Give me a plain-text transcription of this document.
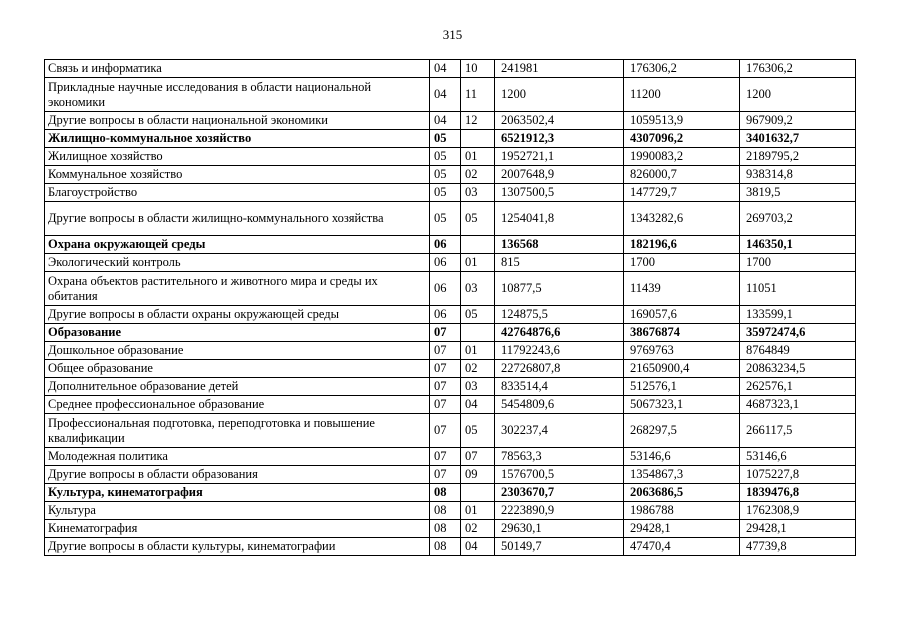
315
Связь и информатика	04	10	241981	176306,2	176306,2
Прикладные научные исследования в области национальной экономики	04	11	1200	11200	1200
Другие вопросы в области национальной экономики	04	12	2063502,4	1059513,9	967909,2
Жилищно-коммунальное хозяйство	05		6521912,3	4307096,2	3401632,7
Жилищное хозяйство	05	01	1952721,1	1990083,2	2189795,2
Коммунальное хозяйство	05	02	2007648,9	826000,7	938314,8
Благоустройство	05	03	1307500,5	147729,7	3819,5
Другие вопросы в области жилищно-коммунального хозяйства	05	05	1254041,8	1343282,6	269703,2
Охрана окружающей среды	06		136568	182196,6	146350,1
Экологический контроль	06	01	815	1700	1700
Охрана объектов растительного и животного мира и среды их обитания	06	03	10877,5	11439	11051
Другие вопросы в области охраны окружающей среды	06	05	124875,5	169057,6	133599,1
Образование	07		42764876,6	38676874	35972474,6
Дошкольное образование	07	01	11792243,6	9769763	8764849
Общее образование	07	02	22726807,8	21650900,4	20863234,5
Дополнительное образование детей	07	03	833514,4	512576,1	262576,1
Среднее профессиональное образование	07	04	5454809,6	5067323,1	4687323,1
Профессиональная подготовка, переподготовка и повышение квалификации	07	05	302237,4	268297,5	266117,5
Молодежная политика	07	07	78563,3	53146,6	53146,6
Другие вопросы в области образования	07	09	1576700,5	1354867,3	1075227,8
Культура, кинематография	08		2303670,7	2063686,5	1839476,8
Культура	08	01	2223890,9	1986788	1762308,9
Кинематография	08	02	29630,1	29428,1	29428,1
Другие вопросы в области культуры, кинематографии	08	04	50149,7	47470,4	47739,8
